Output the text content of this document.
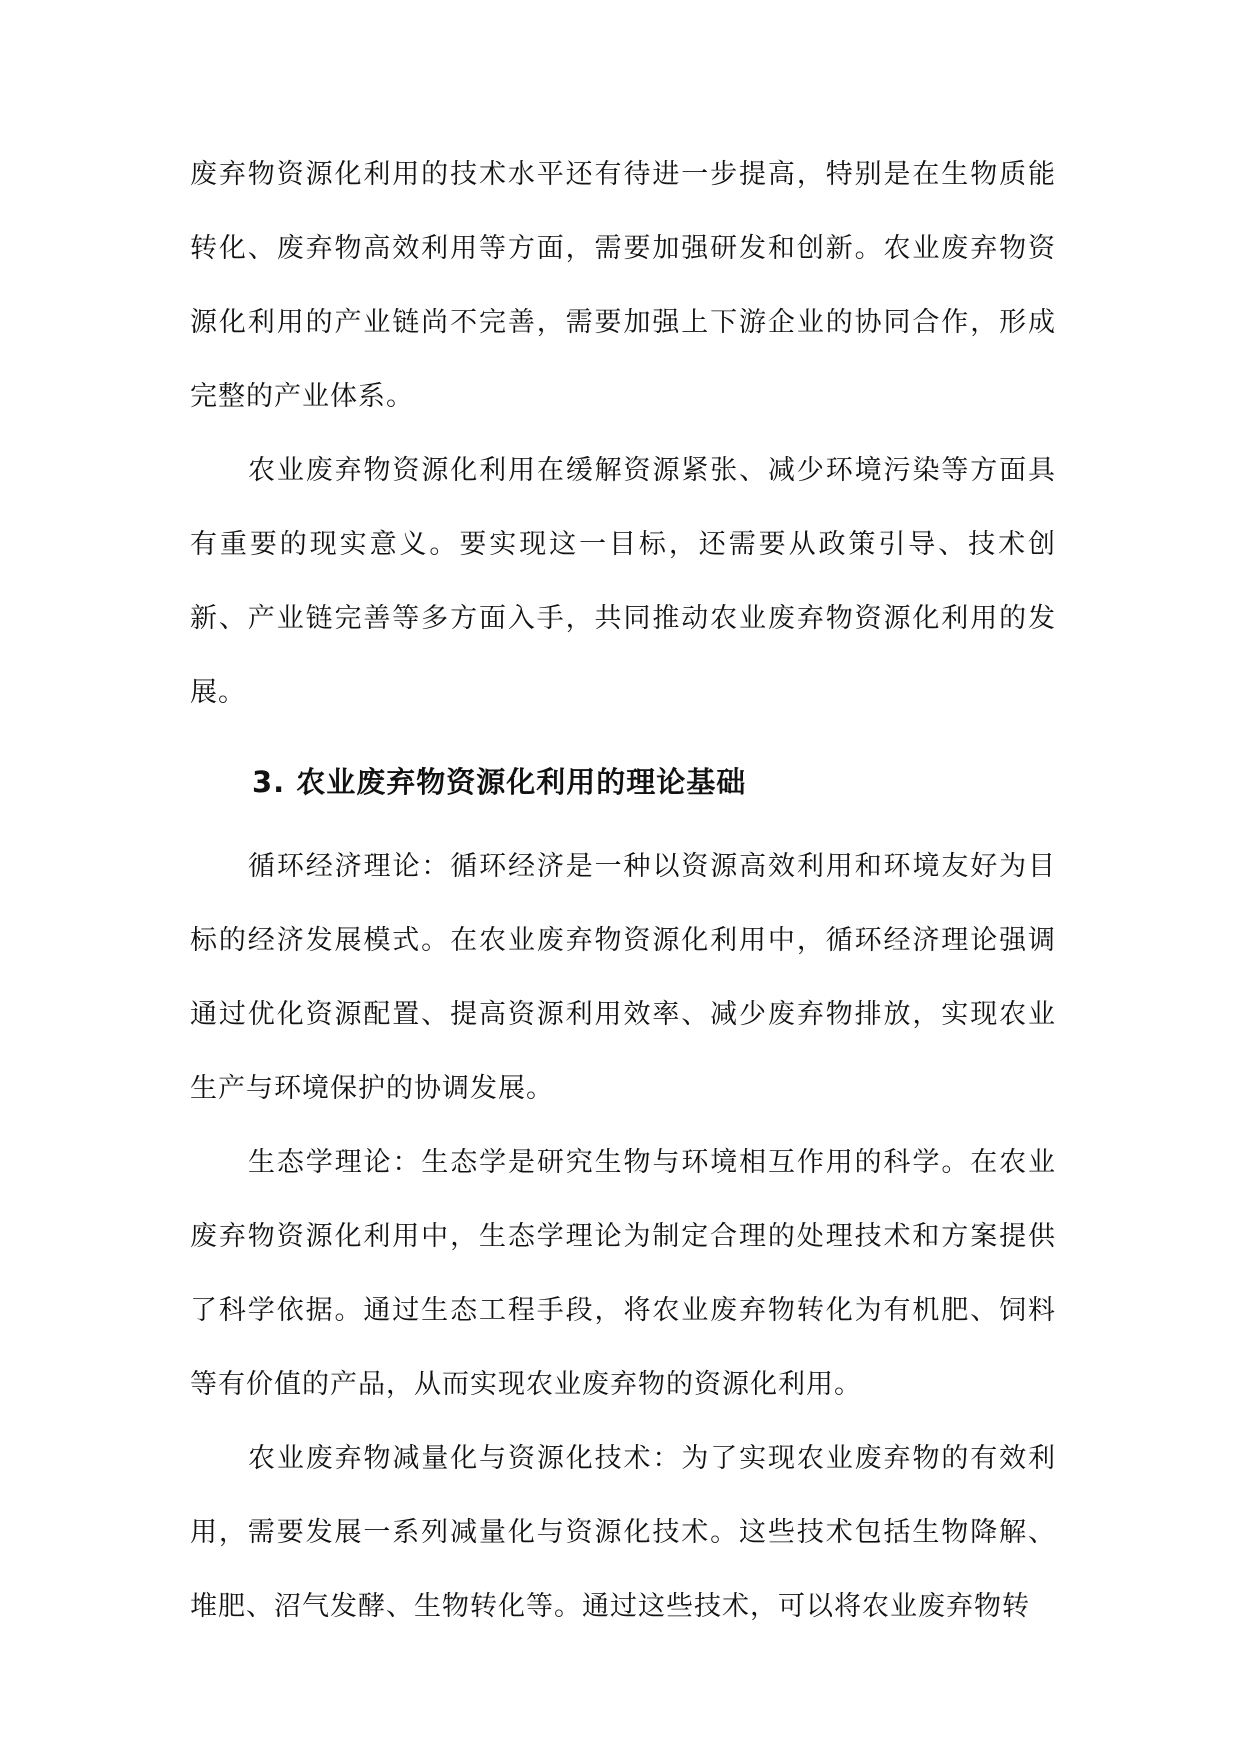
废弃物资源化利用的技术水平还有待进一步提高，特别是在生物质能转化、废弃物高效利用等方面，需要加强研发和创新。农业废弃物资源化利用的产业链尚不完善，需要加强上下游企业的协同合作，形成完整的产业体系。

农业废弃物资源化利用在缓解资源紧张、减少环境污染等方面具有重要的现实意义。要实现这一目标，还需要从政策引导、技术创新、产业链完善等多方面入手，共同推动农业废弃物资源化利用的发展。

3. 农业废弃物资源化利用的理论基础

循环经济理论：循环经济是一种以资源高效利用和环境友好为目标的经济发展模式。在农业废弃物资源化利用中，循环经济理论强调通过优化资源配置、提高资源利用效率、减少废弃物排放，实现农业生产与环境保护的协调发展。

生态学理论：生态学是研究生物与环境相互作用的科学。在农业废弃物资源化利用中，生态学理论为制定合理的处理技术和方案提供了科学依据。通过生态工程手段，将农业废弃物转化为有机肥、饲料等有价值的产品，从而实现农业废弃物的资源化利用。

农业废弃物减量化与资源化技术：为了实现农业废弃物的有效利用，需要发展一系列减量化与资源化技术。这些技术包括生物降解、堆肥、沼气发酵、生物转化等。通过这些技术，可以将农业废弃物转
